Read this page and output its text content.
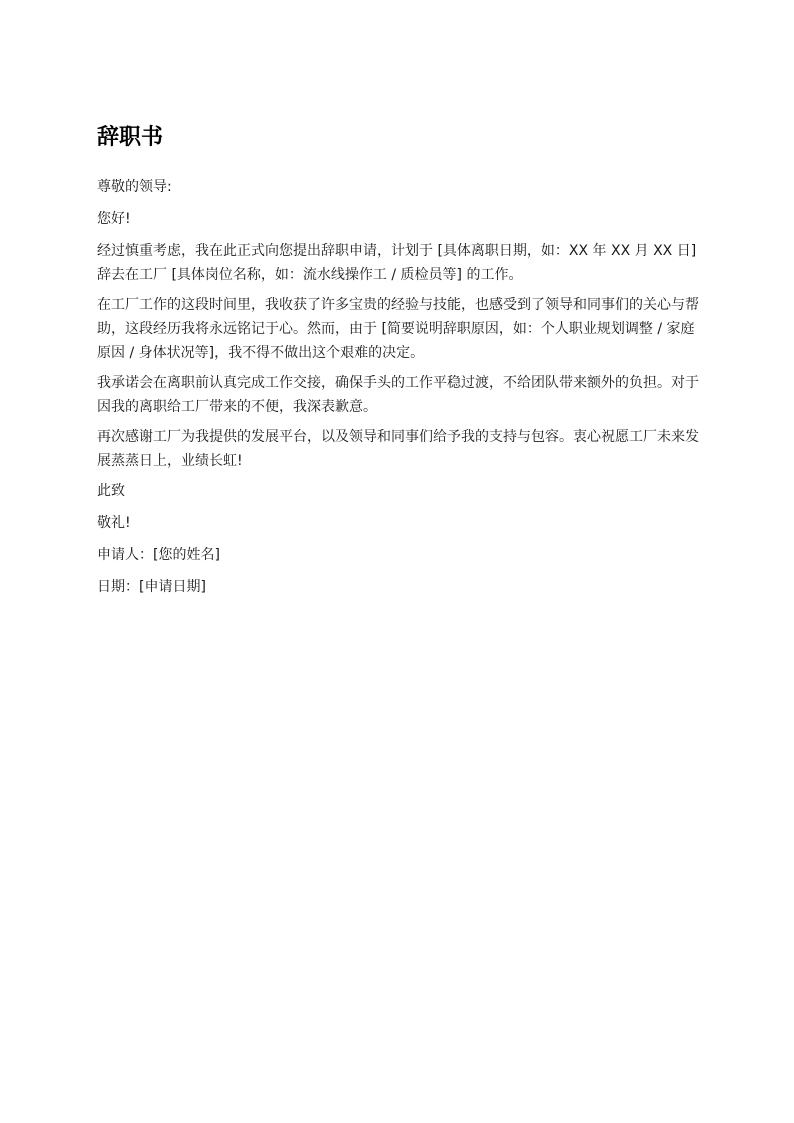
辞职书

尊敬的领导:

您好!

经过慎重考虑，我在此正式向您提出辞职申请，计划于 [具体离职日期，如：XX 年 XX 月 XX 日] 辞去在工厂 [具体岗位名称，如：流水线操作工 / 质检员等] 的工作。

在工厂工作的这段时间里，我收获了许多宝贵的经验与技能，也感受到了领导和同事们的关心与帮助，这段经历我将永远铭记于心。然而，由于 [简要说明辞职原因，如：个人职业规划调整 / 家庭原因 / 身体状况等]，我不得不做出这个艰难的决定。

我承诺会在离职前认真完成工作交接，确保手头的工作平稳过渡，不给团队带来额外的负担。对于因我的离职给工厂带来的不便，我深表歉意。

再次感谢工厂为我提供的发展平台，以及领导和同事们给予我的支持与包容。衷心祝愿工厂未来发展蒸蒸日上，业绩长虹!

此致

敬礼!

申请人：[您的姓名]

日期：[申请日期]
